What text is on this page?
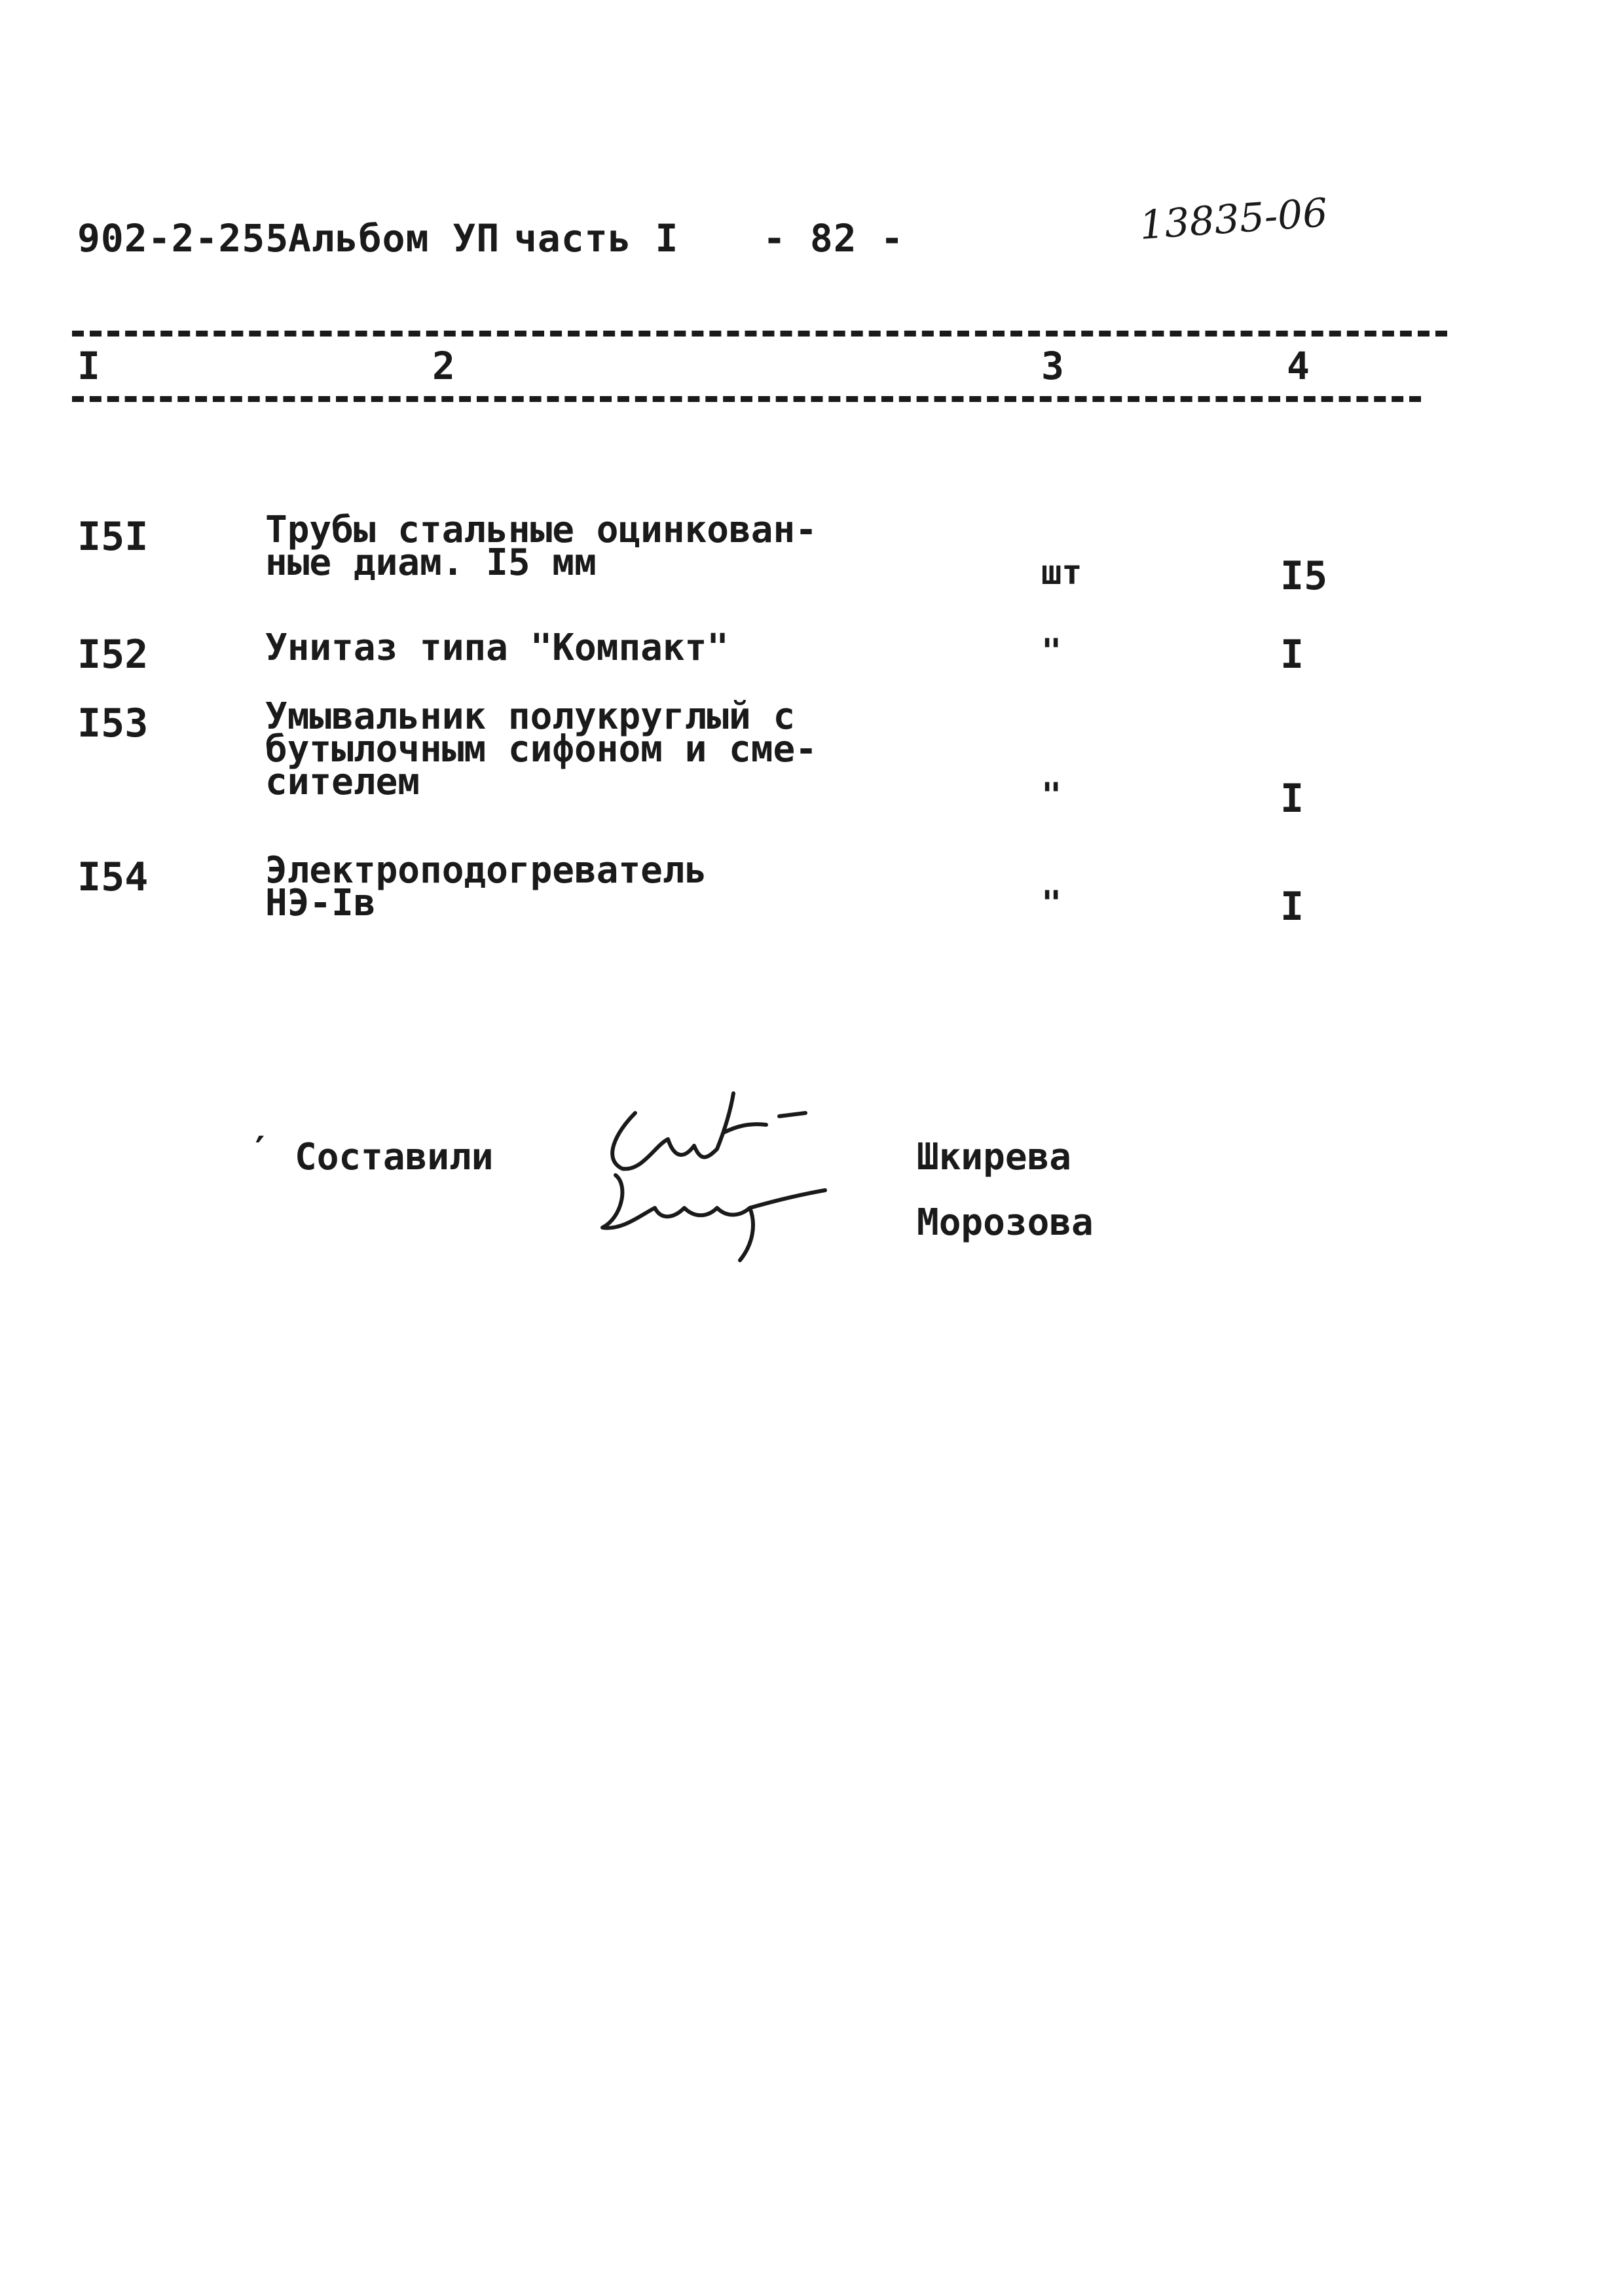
902-2-255
Альбом УП часть I - 82 -	13835-06
I	2	3	4
I5I	Трубы стальные оцинкован-
ные диам. I5 мм	шт	I5
I52	Унитаз типа "Компакт"	"	I
I53	Умывальник полукруглый с
бутылочным сифоном и сме-
сителем	"	I
I54	Электроподогреватель
НЭ-Iв	"	I
′ Составили	Шкирева
Морозова
